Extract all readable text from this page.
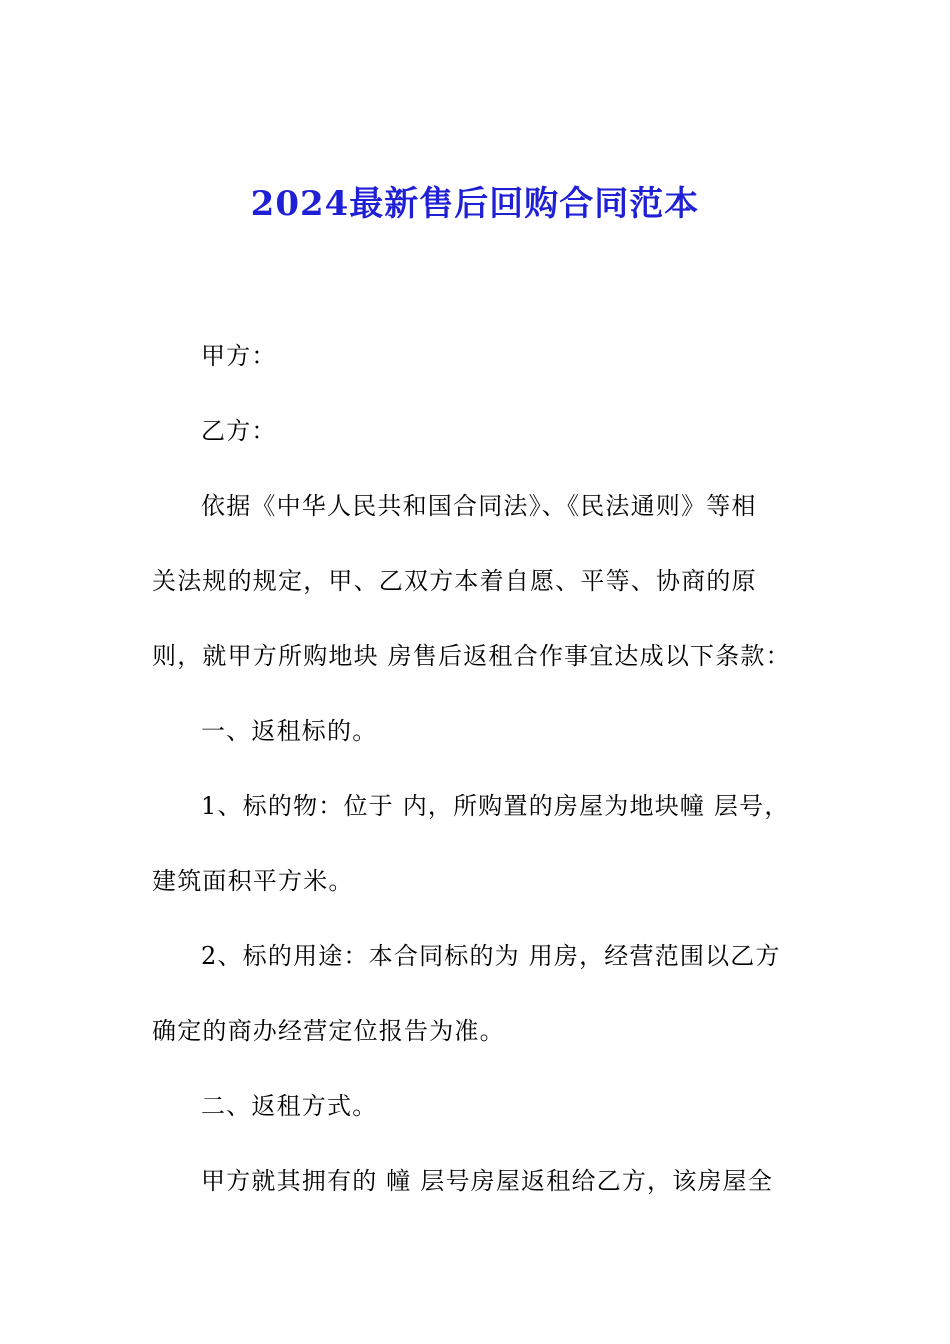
2024最新售后回购合同范本
甲方：
乙方：
依据《中华人民共和国合同法》、《民法通则》等相
关法规的规定，甲、乙双方本着自愿、平等、协商的原
则，就甲方所购地块 房售后返租合作事宜达成以下条款：
一、返租标的。
1、标的物：位于 内，所购置的房屋为地块幢 层号，
建筑面积平方米。
2、标的用途：本合同标的为 用房，经营范围以乙方
确定的商办经营定位报告为准。
二、返租方式。
甲方就其拥有的 幢 层号房屋返租给乙方，该房屋全
